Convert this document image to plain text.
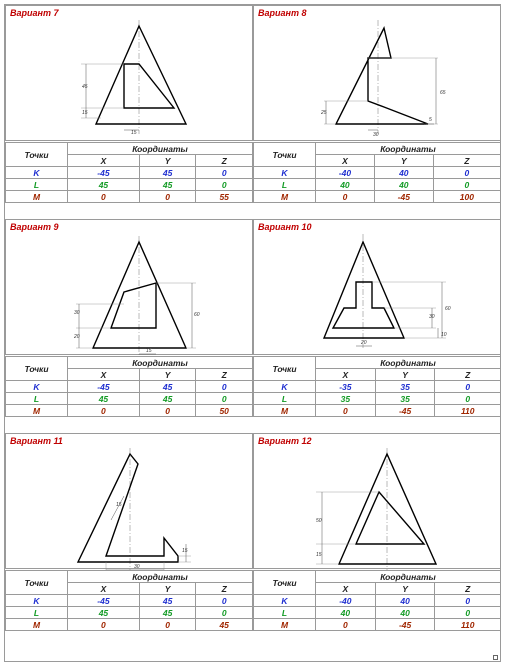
Вариант 7
45
15
15
Точки	Координаты		
	X	Y	Z
K	-45	45	0
L	45	45	0
M	0	0	55
Вариант 8
65
25
30
5
Точки	Координаты		
	X	Y	Z
K	-40	40	0
L	40	40	0
M	0	-45	100
Вариант 9
30
20
60
15
Точки	Координаты		
	X	Y	Z
K	-45	45	0
L	45	45	0
M	0	0	50
Вариант 10
60
30
10
20
Точки	Координаты		
	X	Y	Z
K	-35	35	0
L	35	35	0
M	0	-45	110
Вариант 11
15
30
15
Точки	Координаты		
	X	Y	Z
K	-45	45	0
L	45	45	0
M	0	0	45
Вариант 12
50
15
Точки	Координаты		
	X	Y	Z
K	-40	40	0
L	40	40	0
M	0	-45	110
